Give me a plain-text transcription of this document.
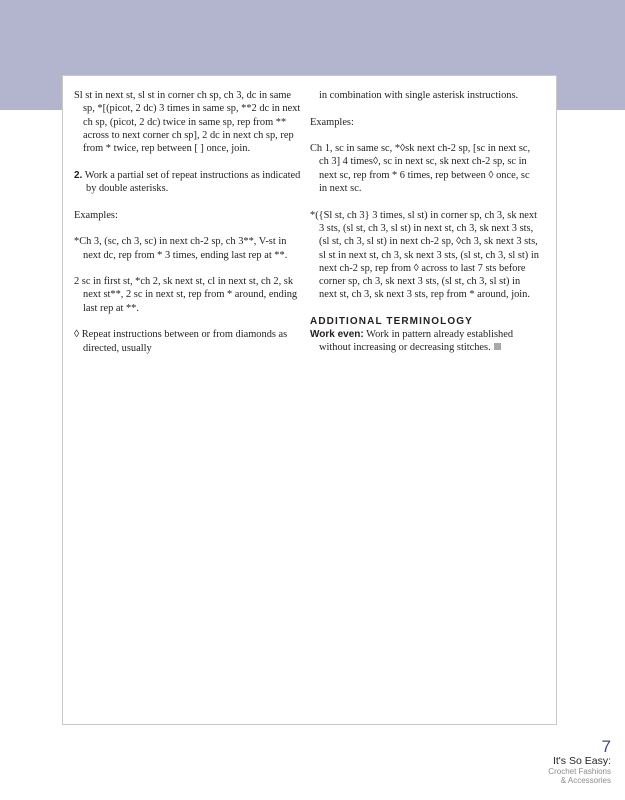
Sl st in next st, sl st in corner ch sp, ch 3, dc in same sp, *[(picot, 2 dc) 3 times in same sp, **2 dc in next ch sp, (picot, 2 dc) twice in same sp, rep from ** across to next corner ch sp], 2 dc in next ch sp, rep from * twice, rep between [ ] once, join.

2. Work a partial set of repeat instructions as indicated by double asterisks.

Examples:

*Ch 3, (sc, ch 3, sc) in next ch-2 sp, ch 3**, V-st in next dc, rep from * 3 times, ending last rep at **.

2 sc in first st, *ch 2, sk next st, cl in next st, ch 2, sk next st**, 2 sc in next st, rep from * around, ending last rep at **.

◊ Repeat instructions between or from diamonds as directed, usually

in combination with single asterisk instructions.

Examples:

Ch 1, sc in same sc, *◊sk next ch-2 sp, [sc in next sc, ch 3] 4 times◊, sc in next sc, sk next ch-2 sp, sc in next sc, rep from * 6 times, rep between ◊ once, sc in next sc.

*({Sl st, ch 3} 3 times, sl st) in corner sp, ch 3, sk next 3 sts, (sl st, ch 3, sl st) in next st, ch 3, sk next 3 sts, (sl st, ch 3, sl st) in next ch-2 sp, ◊ch 3, sk next 3 sts, sl st in next st, ch 3, sk next 3 sts, (sl st, ch 3, sl st) in next ch-2 sp, rep from ◊ across to last 7 sts before corner sp, ch 3, sk next 3 sts, (sl st, ch 3, sl st) in next st, ch 3, sk next 3 sts, rep from * around, join.

ADDITIONAL TERMINOLOGY

Work even: Work in pattern already established without increasing or decreasing stitches.

7
It's So Easy:
Crochet Fashions
& Accessories
